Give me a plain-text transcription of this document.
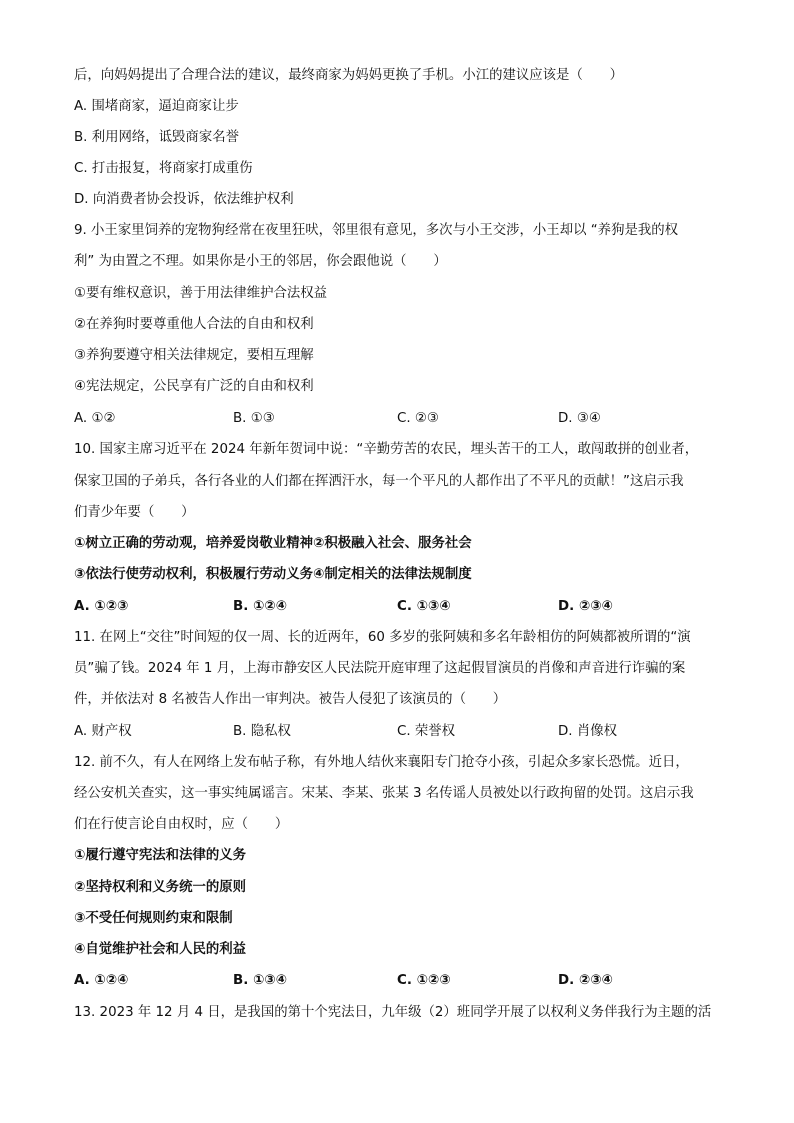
后，向妈妈提出了合理合法的建议，最终商家为妈妈更换了手机。小江的建议应该是（　　）
A. 围堵商家，逼迫商家让步
B. 利用网络，诋毁商家名誉
C. 打击报复，将商家打成重伤
D. 向消费者协会投诉，依法维护权利
9. 小王家里饲养的宠物狗经常在夜里狂吠，邻里很有意见，多次与小王交涉，小王却以 “养狗是我的权
利” 为由置之不理。如果你是小王的邻居，你会跟他说（　　）
①要有维权意识，善于用法律维护合法权益
②在养狗时要尊重他人合法的自由和权利
③养狗要遵守相关法律规定，要相互理解
④宪法规定，公民享有广泛的自由和权利
A. ①②	B. ①③	C. ②③	D. ③④
10. 国家主席习近平在 2024 年新年贺词中说：“辛勤劳苦的农民，埋头苦干的工人，敢闯敢拼的创业者，
保家卫国的子弟兵，各行各业的人们都在挥洒汗水，每一个平凡的人都作出了不平凡的贡献！”这启示我
们青少年要（　　）
①树立正确的劳动观，培养爱岗敬业精神②积极融入社会、服务社会
③依法行使劳动权利，积极履行劳动义务④制定相关的法律法规制度
A. ①②③	B. ①②④	C. ①③④	D. ②③④
11. 在网上“交往”时间短的仅一周、长的近两年，60 多岁的张阿姨和多名年龄相仿的阿姨都被所谓的“演
员”骗了钱。2024 年 1 月，上海市静安区人民法院开庭审理了这起假冒演员的肖像和声音进行诈骗的案
件，并依法对 8 名被告人作出一审判决。被告人侵犯了该演员的（　　）
A. 财产权	B. 隐私权	C. 荣誉权	D. 肖像权
12. 前不久，有人在网络上发布帖子称，有外地人结伙来襄阳专门抢夺小孩，引起众多家长恐慌。近日，
经公安机关查实，这一事实纯属谣言。宋某、李某、张某 3 名传谣人员被处以行政拘留的处罚。这启示我
们在行使言论自由权时，应（　　）
①履行遵守宪法和法律的义务
②坚持权利和义务统一的原则
③不受任何规则约束和限制
④自觉维护社会和人民的利益
A. ①②④	B. ①③④	C. ①②③	D. ②③④
13. 2023 年 12 月 4 日，是我国的第十个宪法日，九年级（2）班同学开展了以权利义务伴我行为主题的活
